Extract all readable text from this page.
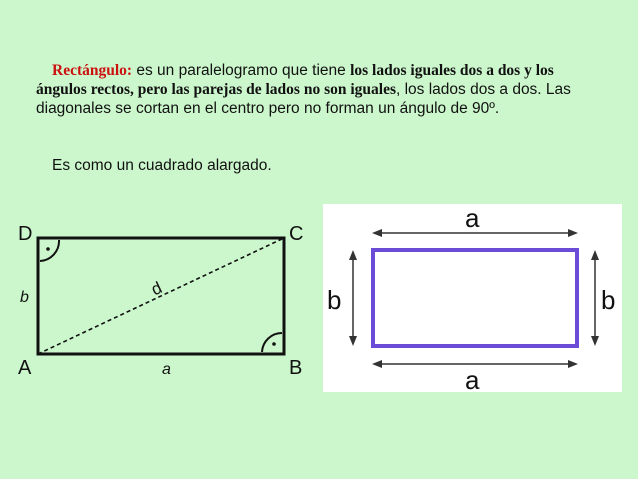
Rectángulo: es un paralelogramo que tiene los lados iguales dos a dos y los ángulos rectos, pero las parejas de lados no son iguales, los lados dos a dos. Las diagonales se cortan en el centro pero no forman un ángulo de 90º.
Es como un cuadrado alargado.
D	C
A	B
b
a
d
a
a
b	b
